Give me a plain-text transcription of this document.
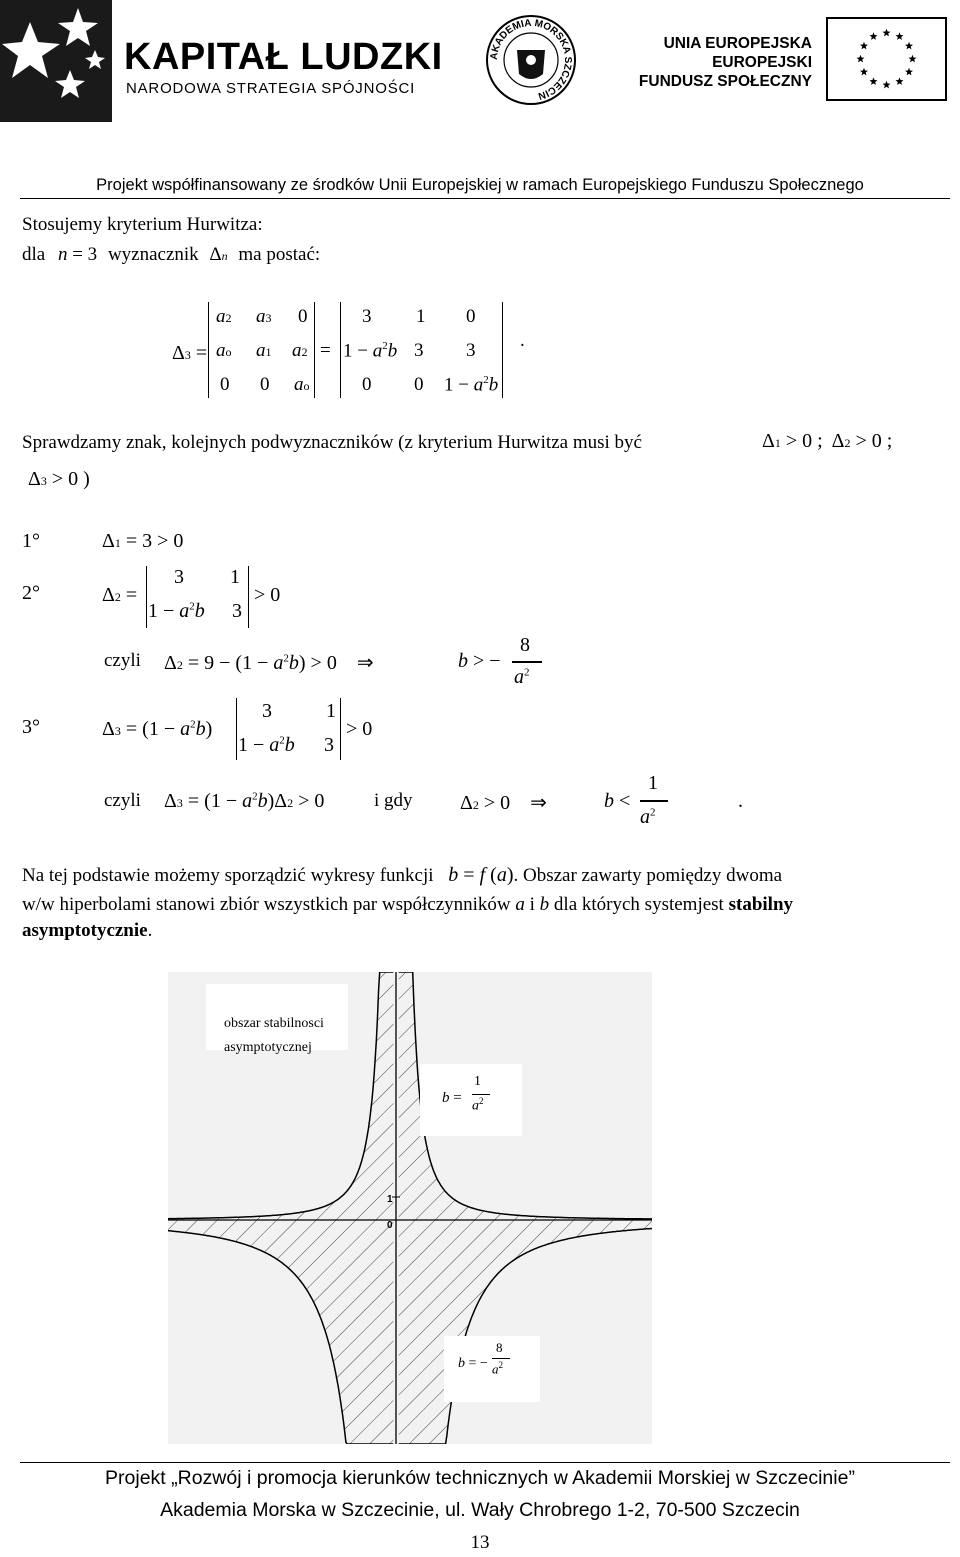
KAPITAŁ LUDZKI
NARODOWA STRATEGIA SPÓJNOŚCI
AKADEMIA MORSKA SZCZECIN
UNIA EUROPEJSKA
EUROPEJSKI
FUNDUSZ SPOŁECZNY
Projekt współfinansowany ze środków Unii Europejskiej w ramach Europejskiego Funduszu Społecznego
Stosujemy kryterium Hurwitza:
dla n = 3 wyznacznik Δn ma postać:
Δ3 =
a2 a3 0
ao a1 a2
0 0 ao
=
3 1 0
$1 - a^2b$ 3 3
0 0 $1 - a^2b$
.
Sprawdzamy znak, kolejnych podwyznaczników (z kryterium Hurwitza musi być	Δ1 > 0 ;  Δ2 > 0 ;
Δ3 > 0 )
1°	Δ1 = 3 > 0
2°	Δ2 =
3 1
$1 - a^2b$ 3
> 0
czyli $\Delta 2 = 9 - (1 - a^2b) > 0$    ⇒	b > −
8
$a^2$
3°	$\Delta 3 = (1 - a^2b)$
3	1
$1 - a^2b$ 3
> 0
czyli $\Delta 3 = (1 - a^2b)\Delta 2 > 0$	i gdy Δ2 > 0    ⇒	b <
1
$a^2$
.
Na tej podstawie możemy sporządzić wykresy funkcji b = f (a). Obszar zawarty pomiędzy dwoma
w/w hiperbolami stanowi zbiór wszystkich par współczynników a i b dla których systemjest stabilny
asymptotycznie.
1
0
obszar stabilnosci
asymptotycznej
b =
1
$a^2$
b = −
8
$a^2$
Projekt „Rozwój i promocja kierunków technicznych w Akademii Morskiej w Szczecinie”
Akademia Morska w Szczecinie, ul. Wały Chrobrego 1-2, 70-500 Szczecin
13
